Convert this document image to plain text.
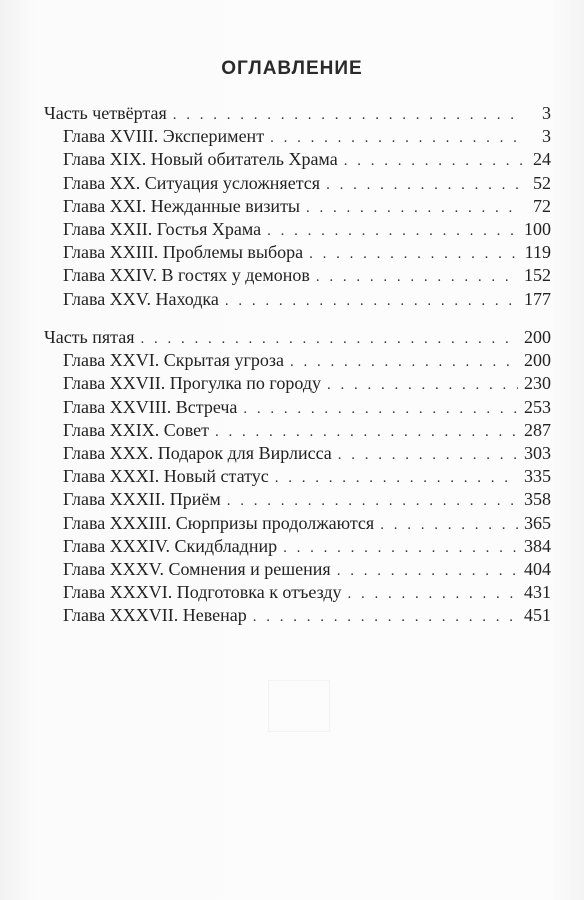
ОГЛАВЛЕНИЕ
Часть четвёртая . . .	3
Глава XVIII. Эксперимент . . .	3
Глава XIX. Новый обитатель Храма . . .	24
Глава XX. Ситуация усложняется . . .	52
Глава XXI. Нежданные визиты . . .	72
Глава XXII. Гостья Храма . . .	100
Глава XXIII. Проблемы выбора . . .	119
Глава XXIV. В гостях у демонов . . .	152
Глава XXV. Находка . . .	177
Часть пятая . . .	200
Глава XXVI. Скрытая угроза . . .	200
Глава XXVII. Прогулка по городу . . .	230
Глава XXVIII. Встреча . . .	253
Глава XXIX. Совет . . .	287
Глава XXX. Подарок для Вирлисса . . .	303
Глава XXXI. Новый статус . . .	335
Глава XXXII. Приём . . .	358
Глава XXXIII. Сюрпризы продолжаются . . .	365
Глава XXXIV. Скидбладнир . . .	384
Глава XXXV. Сомнения и решения . . .	404
Глава XXXVI. Подготовка к отъезду . . .	431
Глава XXXVII. Невенар . . .	451
